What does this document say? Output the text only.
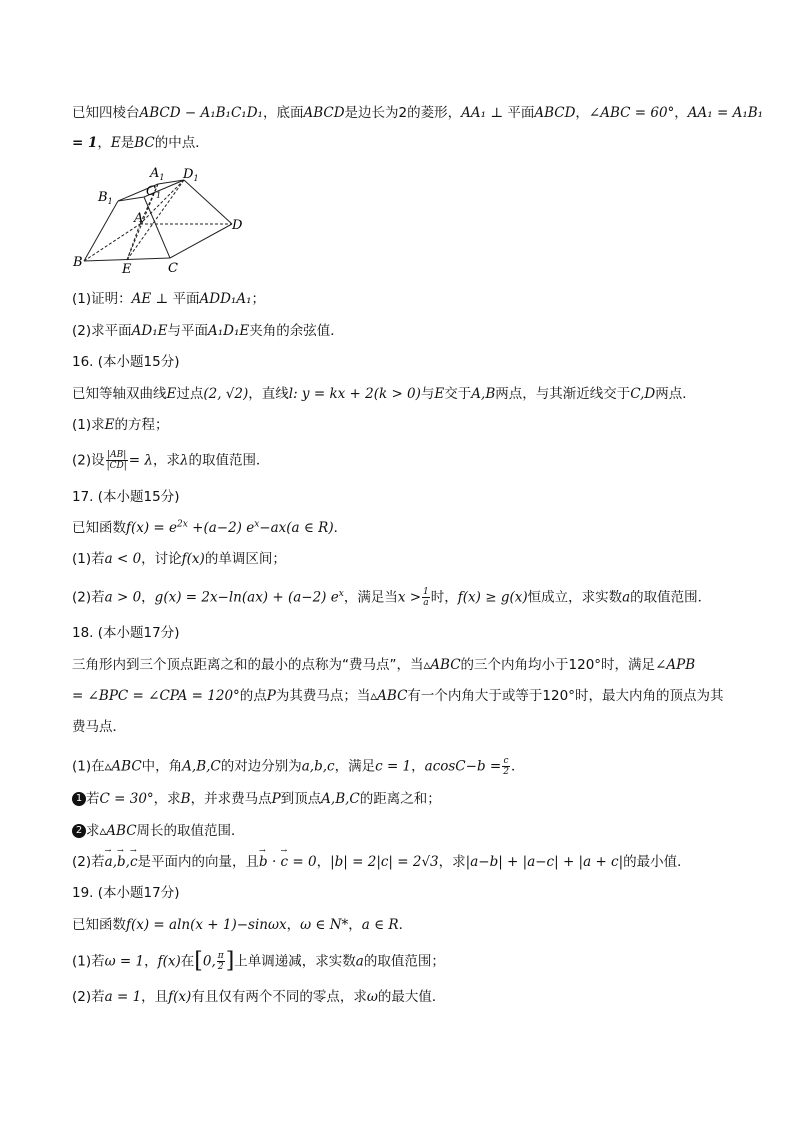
已知四棱台ABCD − A₁B₁C₁D₁，底面ABCD是边长为2的菱形，AA₁ ⊥ 平面ABCD，∠ABC = 60°，AA₁ = A₁B₁
= 1，E是BC的中点．
$A_1$ $D_1$
$B_1$
$C_1$
A	D
B	E	C
(1)证明：AE ⊥ 平面ADD₁A₁；
(2)求平面AD₁E与平面A₁D₁E夹角的余弦值．
16. (本小题15分)
已知等轴双曲线E过点(2, √2)，直线l: y = kx + 2(k > 0)与E交于A,B两点，与其渐近线交于C,D两点．
(1)求E的方程；
(2)设 $\frac{|AB|}{|CD|} = \lambda$，求λ的取值范围．
17. (本小题15分)
已知函数$f(x) = e^{2x} +(a-2)$ $e^x-ax(a$ ∈ R)．
(1)若a < 0，讨论f(x)的单调区间；
(2)若a > 0，g(x) = 2x−ln(ax) + (a−2) $e^x$，满足当$x > \frac{1}{a}$ 时，f(x) ≥ g(x)恒成立，求实数a的取值范围．
18. (本小题17分)
三角形内到三个顶点距离之和的最小的点称为“费马点”，当▵ABC的三个内角均小于120°时，满足∠APB
= ∠BPC = ∠CPA = 120°的点P为其费马点；当▵ABC有一个内角大于或等于120°时，最大内角的顶点为其
费马点．
(1)在▵ABC中，角A,B,C的对边分别为a,b,c，满足c = 1，$acosC-b = \frac{c}{2}$ ．
1 若C = 30°，求B，并求费马点P到顶点A,B,C的距离之和；
2 求▵ABC周长的取值范围．
(2)若→ a,→ b,→ c是平面内的向量，且→ b · → c = 0，|b| = 2|c| = 2√3，求|a−b| + |a−c| + |a + c|的最小值．
19. (本小题17分)
已知函数f(x) = aln(x + 1)−sinωx，ω ∈ N*，a ∈ R．
(1)若ω = 1，f(x)在[0, $\frac{\pi}{2}$ ]上单调递减，求实数a的取值范围；
(2)若a = 1，且f(x)有且仅有两个不同的零点，求ω的最大值．
